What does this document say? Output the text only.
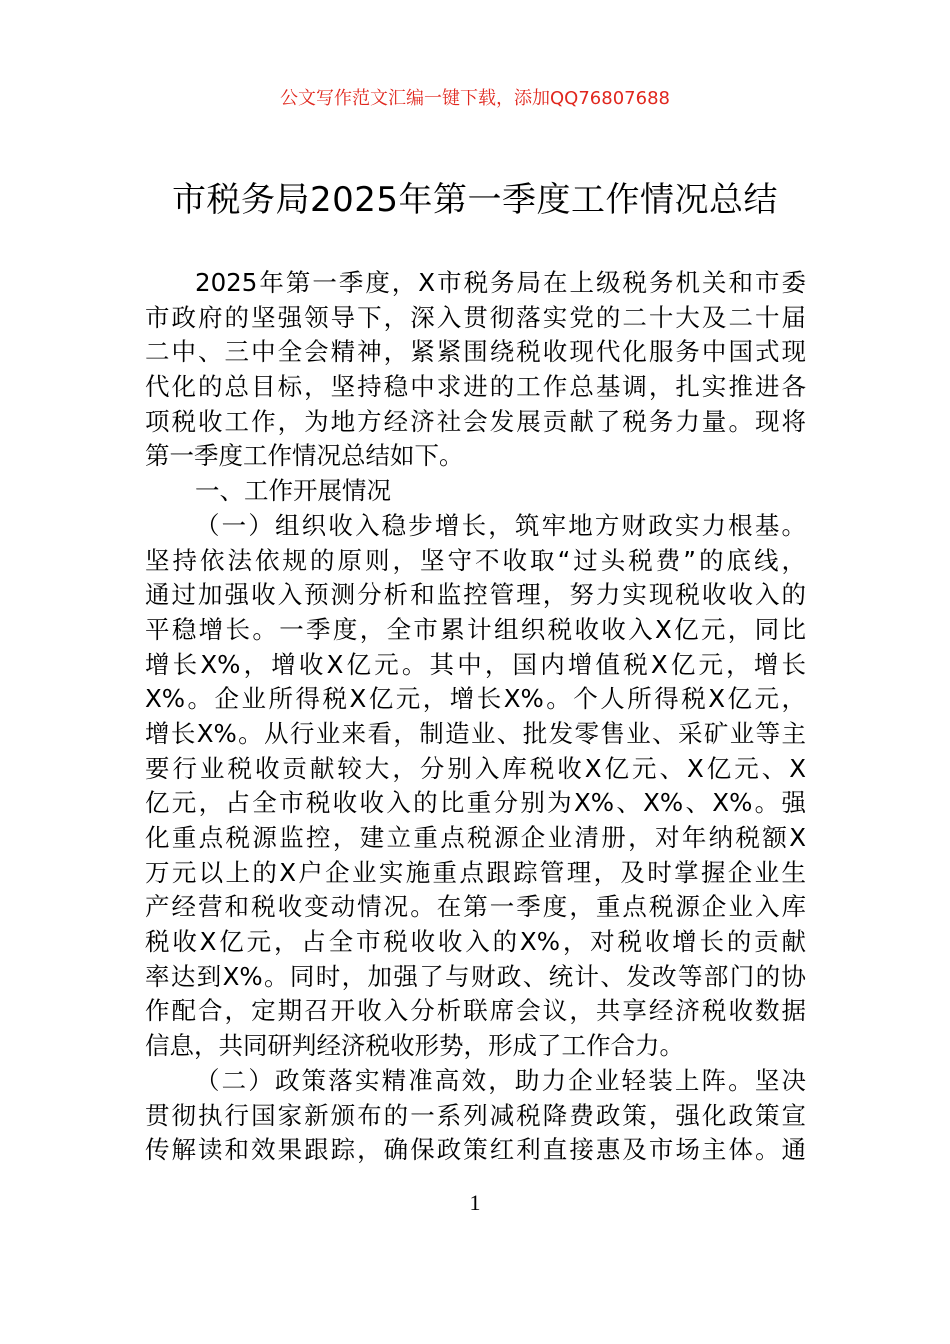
公文写作范文汇编一键下载，添加QQ76807688
市税务局2025年第一季度工作情况总结
2025年第一季度，X市税务局在上级税务机关和市委
市政府的坚强领导下，深入贯彻落实党的二十大及二十届
二中、三中全会精神，紧紧围绕税收现代化服务中国式现
代化的总目标，坚持稳中求进的工作总基调，扎实推进各
项税收工作，为地方经济社会发展贡献了税务力量。现将
第一季度工作情况总结如下。
一、工作开展情况
（一）组织收入稳步增长，筑牢地方财政实力根基。
坚持依法依规的原则，坚守不收取“过头税费”的底线，
通过加强收入预测分析和监控管理，努力实现税收收入的
平稳增长。一季度，全市累计组织税收收入X亿元，同比
增长X%，增收X亿元。其中，国内增值税X亿元，增长
X%。企业所得税X亿元，增长X%。个人所得税X亿元，
增长X%。从行业来看，制造业、批发零售业、采矿业等主
要行业税收贡献较大，分别入库税收X亿元、X亿元、X
亿元，占全市税收收入的比重分别为X%、X%、X%。强
化重点税源监控，建立重点税源企业清册，对年纳税额X
万元以上的X户企业实施重点跟踪管理，及时掌握企业生
产经营和税收变动情况。在第一季度，重点税源企业入库
税收X亿元，占全市税收收入的X%，对税收增长的贡献
率达到X%。同时，加强了与财政、统计、发改等部门的协
作配合，定期召开收入分析联席会议，共享经济税收数据
信息，共同研判经济税收形势，形成了工作合力。
（二）政策落实精准高效，助力企业轻装上阵。坚决
贯彻执行国家新颁布的一系列减税降费政策，强化政策宣
传解读和效果跟踪，确保政策红利直接惠及市场主体。通
1
